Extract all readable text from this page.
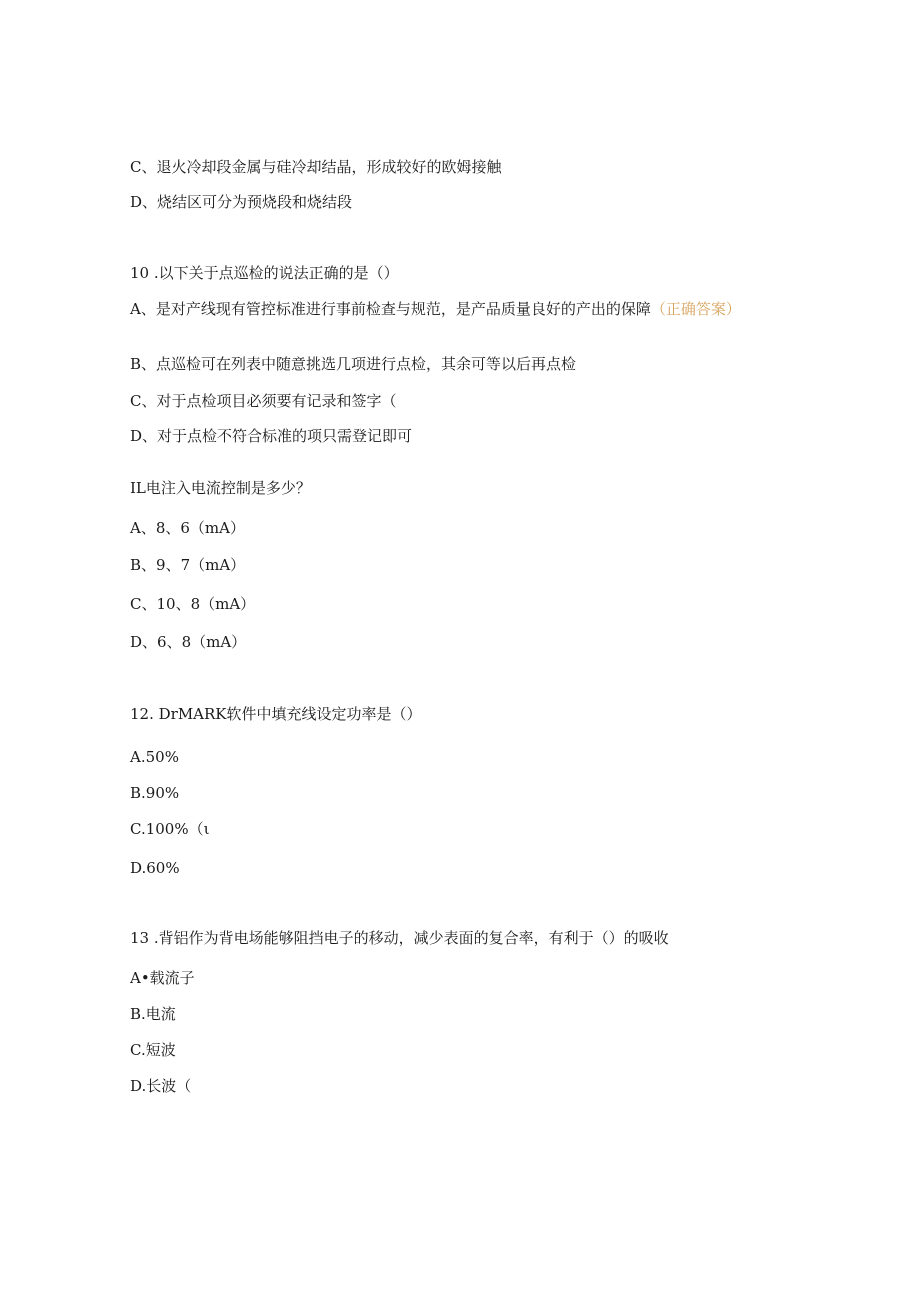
C、退火冷却段金属与硅冷却结晶，形成较好的欧姆接触
D、烧结区可分为预烧段和烧结段
10 .以下关于点巡检的说法正确的是（）
A、是对产线现有管控标准进行事前检查与规范，是产品质量良好的产出的保障（正确答案）
B、点巡检可在列表中随意挑选几项进行点检，其余可等以后再点检
C、对于点检项目必须要有记录和签字（
D、对于点检不符合标准的项只需登记即可
IL电注入电流控制是多少？
A、8、6（mA）
B、9、7（mA）
C、10、8（mA）
D、6、8（mA）
12. DrMARK软件中填充线设定功率是（）
A.50%
B.90%
C.100%（ι
D.60%
13 .背铝作为背电场能够阻挡电子的移动，减少表面的复合率，有利于（）的吸收
A•载流子
B.电流
C.短波
D.长波（
